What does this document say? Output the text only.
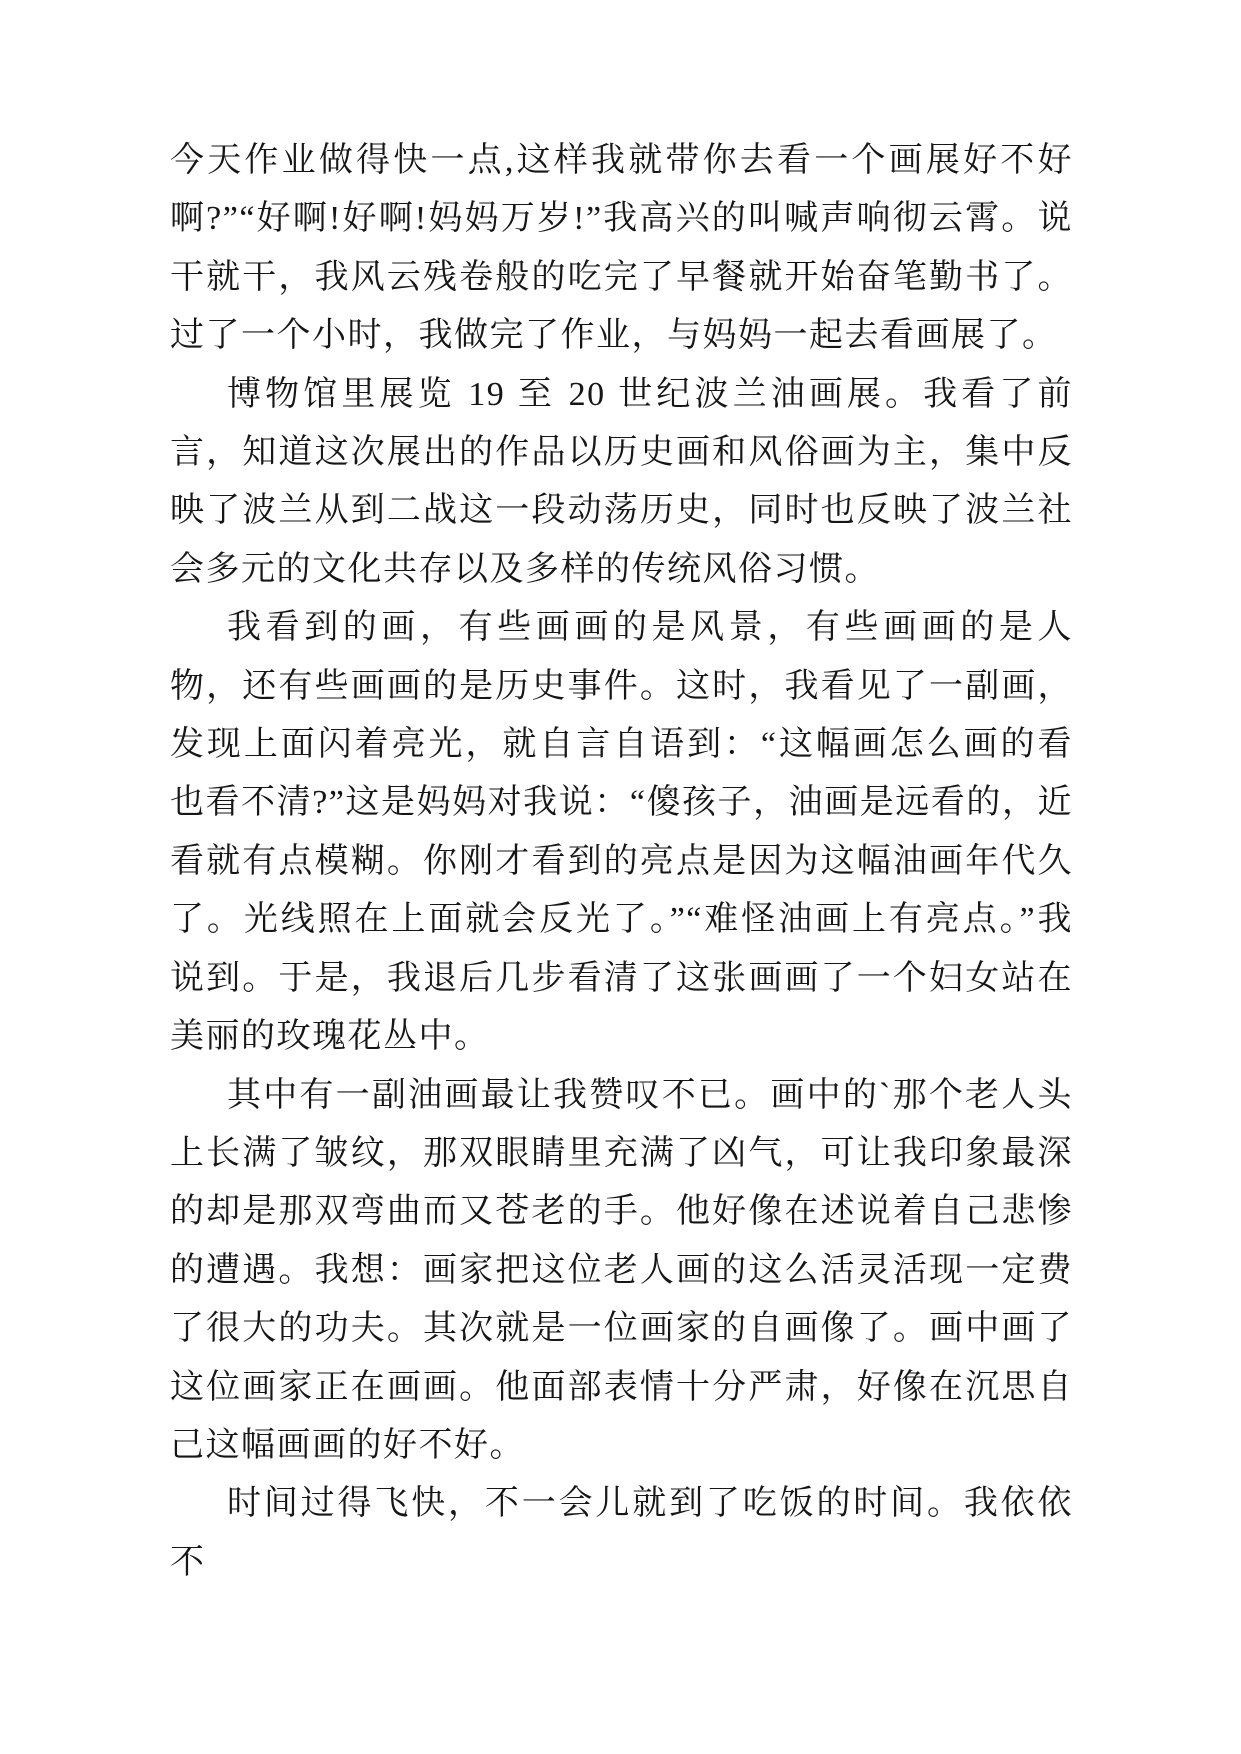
今天作业做得快一点,这样我就带你去看一个画展好不好啊?”“好啊!好啊!妈妈万岁!”我高兴的叫喊声响彻云霄。说干就干，我风云残卷般的吃完了早餐就开始奋笔勤书了。过了一个小时，我做完了作业，与妈妈一起去看画展了。

博物馆里展览 19 至 20 世纪波兰油画展。我看了前言，知道这次展出的作品以历史画和风俗画为主，集中反映了波兰从到二战这一段动荡历史，同时也反映了波兰社会多元的文化共存以及多样的传统风俗习惯。

我看到的画，有些画画的是风景，有些画画的是人物，还有些画画的是历史事件。这时，我看见了一副画，发现上面闪着亮光，就自言自语到：“这幅画怎么画的看也看不清?”这是妈妈对我说：“傻孩子，油画是远看的，近看就有点模糊。你刚才看到的亮点是因为这幅油画年代久了。光线照在上面就会反光了。”“难怪油画上有亮点。”我说到。于是，我退后几步看清了这张画画了一个妇女站在美丽的玫瑰花丛中。

其中有一副油画最让我赞叹不已。画中的`那个老人头上长满了皱纹，那双眼睛里充满了凶气，可让我印象最深的却是那双弯曲而又苍老的手。他好像在述说着自己悲惨的遭遇。我想：画家把这位老人画的这么活灵活现一定费了很大的功夫。其次就是一位画家的自画像了。画中画了这位画家正在画画。他面部表情十分严肃，好像在沉思自己这幅画画的好不好。

时间过得飞快，不一会儿就到了吃饭的时间。我依依不
